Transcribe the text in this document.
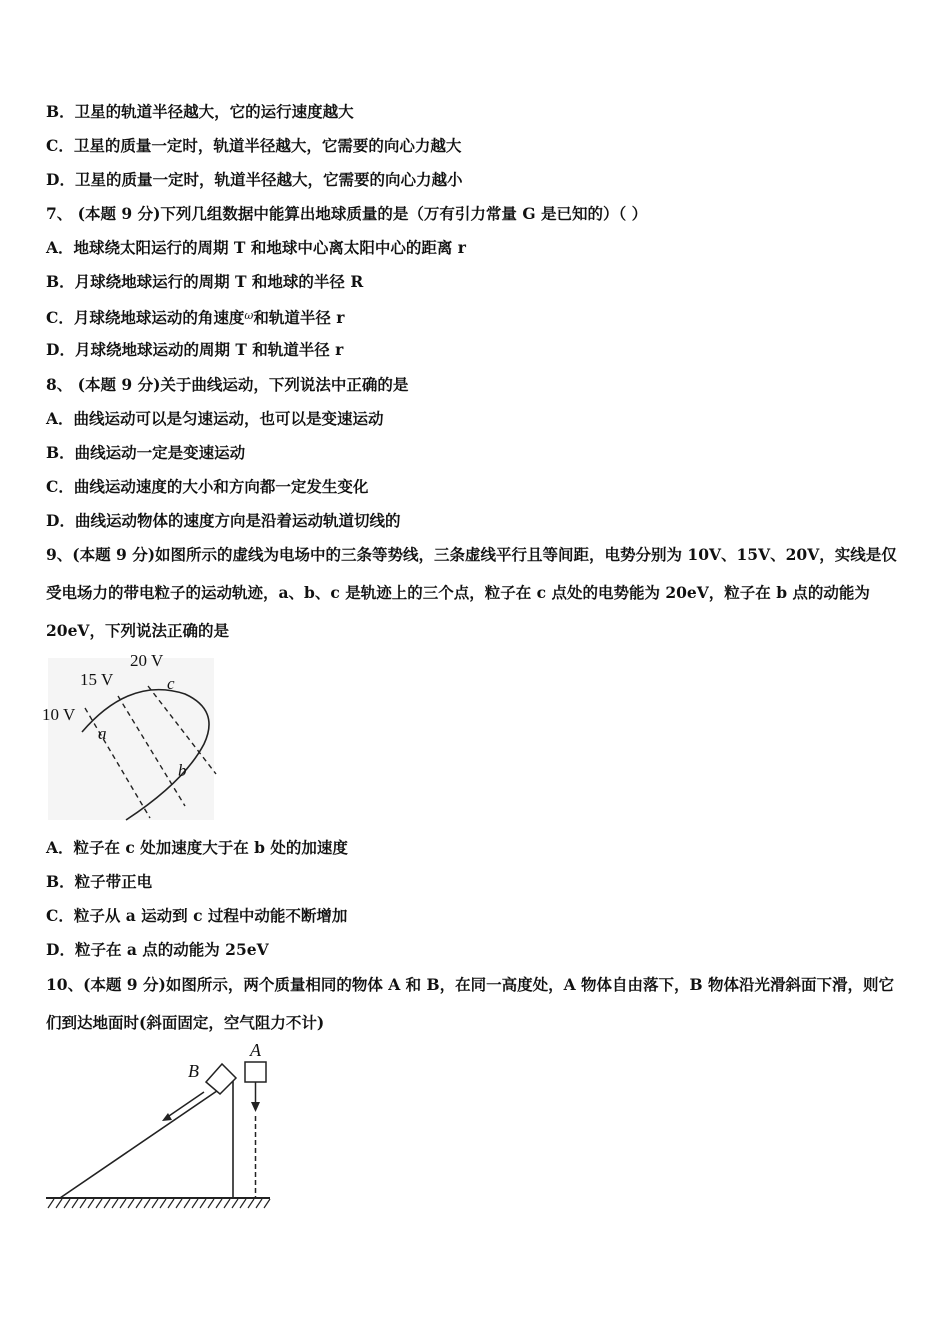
B．卫星的轨道半径越大，它的运行速度越大
C．卫星的质量一定时，轨道半径越大，它需要的向心力越大
D．卫星的质量一定时，轨道半径越大，它需要的向心力越小
7、 (本题 9 分)下列几组数据中能算出地球质量的是（万有引力常量 G 是已知的）（ ）
A．地球绕太阳运行的周期 T 和地球中心离太阳中心的距离 r
B．月球绕地球运行的周期 T 和地球的半径 R
C．月球绕地球运动的角速度$^\omega$和轨道半径 r
D．月球绕地球运动的周期 T 和轨道半径 r
8、 (本题 9 分)关于曲线运动，下列说法中正确的是
A．曲线运动可以是匀速运动，也可以是变速运动
B．曲线运动一定是变速运动
C．曲线运动速度的大小和方向都一定发生变化
D．曲线运动物体的速度方向是沿着运动轨道切线的
9、(本题 9 分)如图所示的虚线为电场中的三条等势线，三条虚线平行且等间距，电势分别为 10V、15V、20V，实线是仅受电场力的带电粒子的运动轨迹，a、b、c 是轨迹上的三个点，粒子在 c 点处的电势能为 20eV，粒子在 b 点的动能为 20eV，下列说法正确的是
20 V
15 V
10 V
a
b
c
A．粒子在 c 处加速度大于在 b 处的加速度
B．粒子带正电
C．粒子从 a 运动到 c 过程中动能不断增加
D．粒子在 a 点的动能为 25eV
10、(本题 9 分)如图所示，两个质量相同的物体 A 和 B，在同一高度处，A 物体自由落下，B 物体沿光滑斜面下滑，则它们到达地面时(斜面固定，空气阻力不计)
A
B
